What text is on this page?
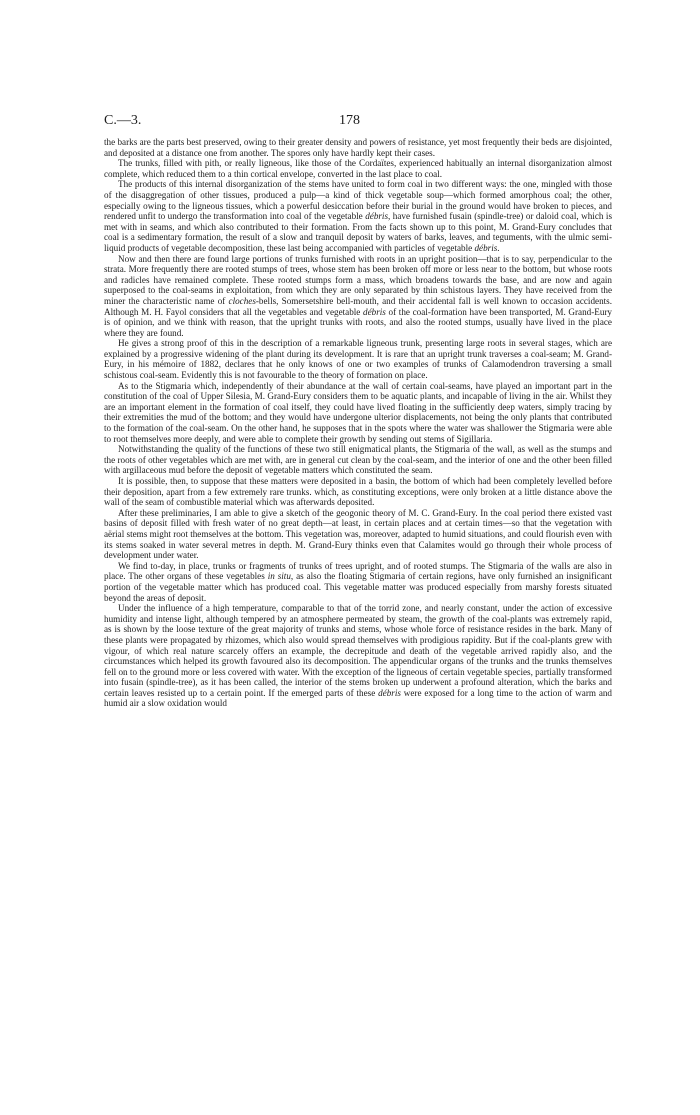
C.—3.	178

the barks are the parts best preserved, owing to their greater density and powers of resistance, yet most frequently their beds are disjointed, and deposited at a distance one from another. The spores only have hardly kept their cases.

The trunks, filled with pith, or really ligneous, like those of the Cordaïtes, experienced habitually an internal disorganization almost complete, which reduced them to a thin cortical envelope, converted in the last place to coal.

The products of this internal disorganization of the stems have united to form coal in two different ways: the one, mingled with those of the disaggregation of other tissues, produced a pulp—a kind of thick vegetable soup—which formed amorphous coal; the other, especially owing to the ligneous tissues, which a powerful desiccation before their burial in the ground would have broken to pieces, and rendered unfit to undergo the transformation into coal of the vegetable débris, have furnished fusain (spindle-tree) or daloid coal, which is met with in seams, and which also contributed to their formation. From the facts shown up to this point, M. Grand-Eury concludes that coal is a sedimentary formation, the result of a slow and tranquil deposit by waters of barks, leaves, and teguments, with the ulmic semi-liquid products of vegetable decomposition, these last being accompanied with particles of vegetable débris.

Now and then there are found large portions of trunks furnished with roots in an upright position—that is to say, perpendicular to the strata. More frequently there are rooted stumps of trees, whose stem has been broken off more or less near to the bottom, but whose roots and radicles have remained complete. These rooted stumps form a mass, which broadens towards the base, and are now and again superposed to the coal-seams in exploitation, from which they are only separated by thin schistous layers. They have received from the miner the characteristic name of cloches-bells, Somersetshire bell-mouth, and their accidental fall is well known to occasion accidents. Although M. H. Fayol considers that all the vegetables and vegetable débris of the coal-formation have been transported, M. Grand-Eury is of opinion, and we think with reason, that the upright trunks with roots, and also the rooted stumps, usually have lived in the place where they are found.

He gives a strong proof of this in the description of a remarkable ligneous trunk, presenting large roots in several stages, which are explained by a progressive widening of the plant during its development. It is rare that an upright trunk traverses a coal-seam; M. Grand-Eury, in his mémoire of 1882, declares that he only knows of one or two examples of trunks of Calamodendron traversing a small schistous coal-seam. Evidently this is not favourable to the theory of formation on place.

As to the Stigmaria which, independently of their abundance at the wall of certain coal-seams, have played an important part in the constitution of the coal of Upper Silesia, M. Grand-Eury considers them to be aquatic plants, and incapable of living in the air. Whilst they are an important element in the formation of coal itself, they could have lived floating in the sufficiently deep waters, simply tracing by their extremities the mud of the bottom; and they would have undergone ulterior displacements, not being the only plants that contributed to the formation of the coal-seam. On the other hand, he supposes that in the spots where the water was shallower the Stigmaria were able to root themselves more deeply, and were able to complete their growth by sending out stems of Sigillaria.

Notwithstanding the quality of the functions of these two still enigmatical plants, the Stigmaria of the wall, as well as the stumps and the roots of other vegetables which are met with, are in general cut clean by the coal-seam, and the interior of one and the other been filled with argillaceous mud before the deposit of vegetable matters which constituted the seam.

It is possible, then, to suppose that these matters were deposited in a basin, the bottom of which had been completely levelled before their deposition, apart from a few extremely rare trunks. which, as constituting exceptions, were only broken at a little distance above the wall of the seam of combustible material which was afterwards deposited.

After these preliminaries, I am able to give a sketch of the geogonic theory of M. C. Grand-Eury. In the coal period there existed vast basins of deposit filled with fresh water of no great depth—at least, in certain places and at certain times—so that the vegetation with aërial stems might root themselves at the bottom. This vegetation was, moreover, adapted to humid situations, and could flourish even with its stems soaked in water several metres in depth. M. Grand-Eury thinks even that Calamites would go through their whole process of development under water.

We find to-day, in place, trunks or fragments of trunks of trees upright, and of rooted stumps. The Stigmaria of the walls are also in place. The other organs of these vegetables in situ, as also the floating Stigmaria of certain regions, have only furnished an insignificant portion of the vegetable matter which has produced coal. This vegetable matter was produced especially from marshy forests situated beyond the areas of deposit.

Under the influence of a high temperature, comparable to that of the torrid zone, and nearly constant, under the action of excessive humidity and intense light, although tempered by an atmosphere permeated by steam, the growth of the coal-plants was extremely rapid, as is shown by the loose texture of the great majority of trunks and stems, whose whole force of resistance resides in the bark. Many of these plants were propagated by rhizomes, which also would spread themselves with prodigious rapidity. But if the coal-plants grew with vigour, of which real nature scarcely offers an example, the decrepitude and death of the vegetable arrived rapidly also, and the circumstances which helped its growth favoured also its decomposition. The appendicular organs of the trunks and the trunks themselves fell on to the ground more or less covered with water. With the exception of the ligneous of certain vegetable species, partially transformed into fusain (spindle-tree), as it has been called, the interior of the stems broken up underwent a profound alteration, which the barks and certain leaves resisted up to a certain point. If the emerged parts of these débris were exposed for a long time to the action of warm and humid air a slow oxidation would
